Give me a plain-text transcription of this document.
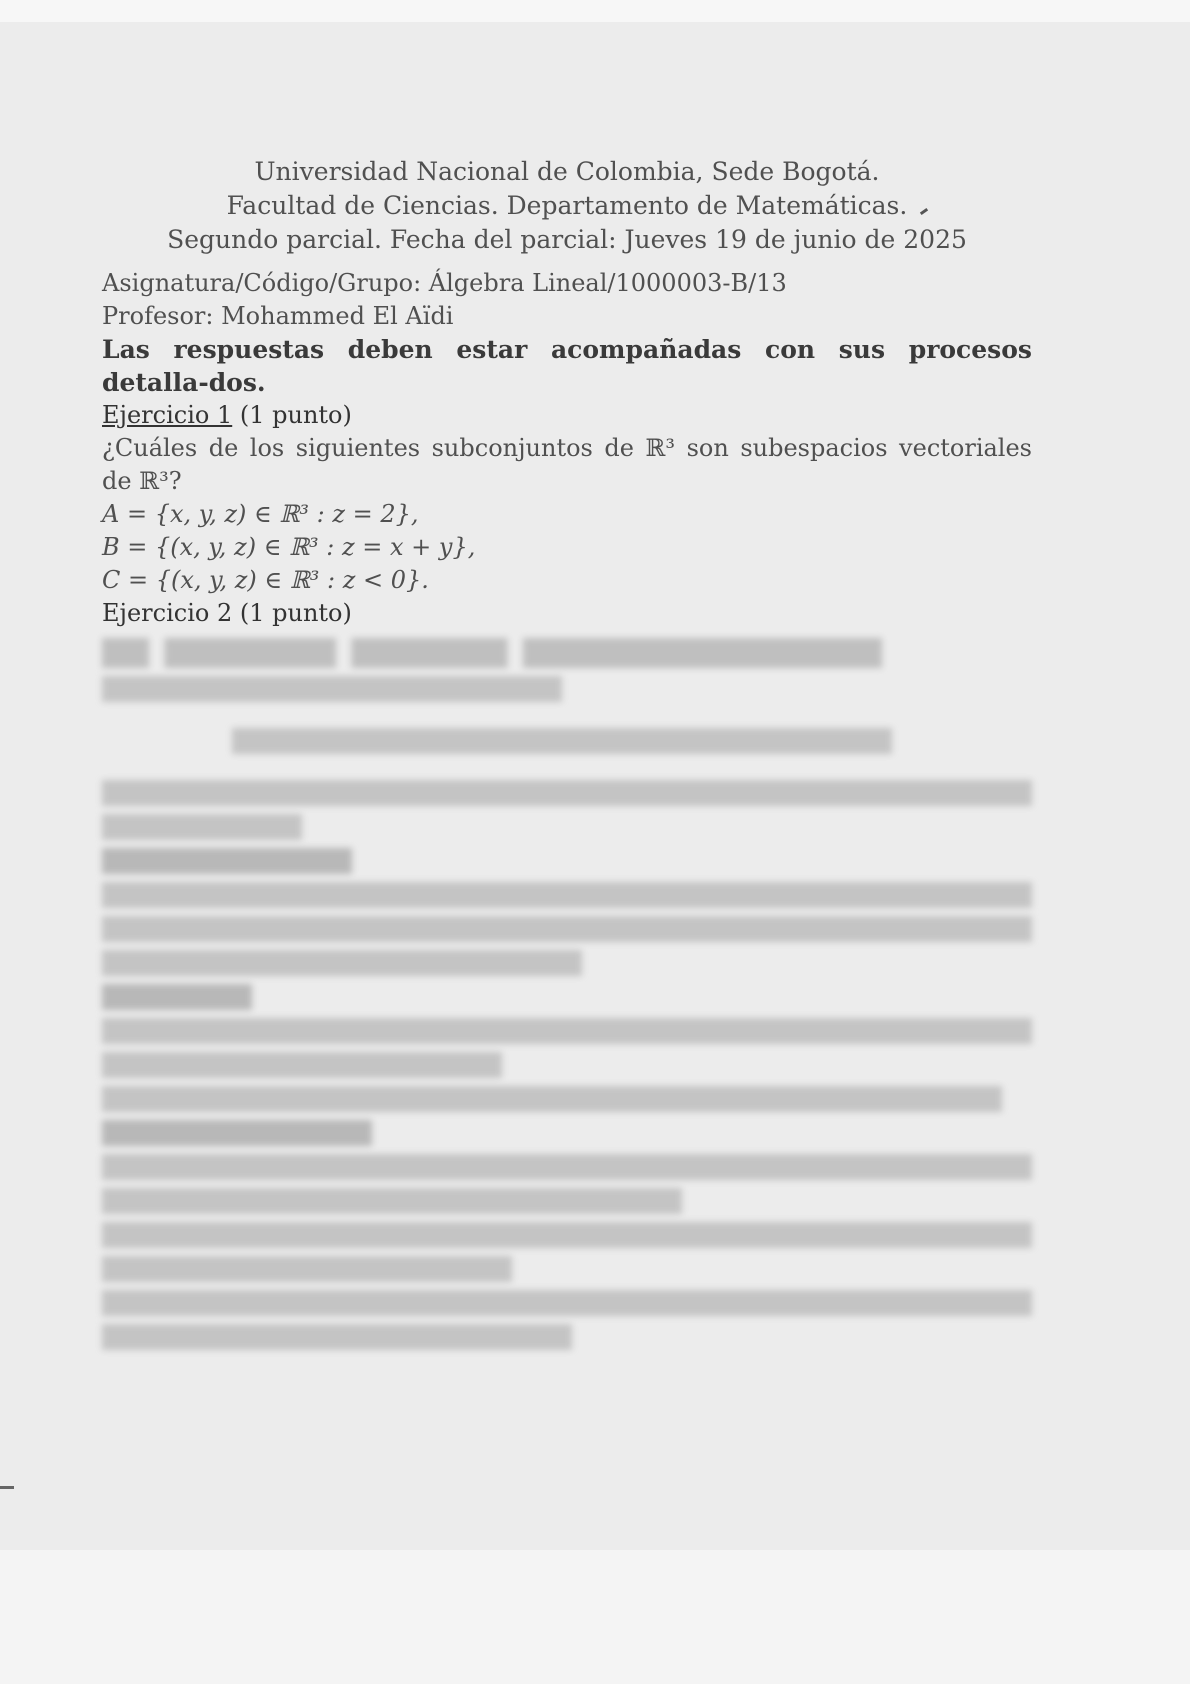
Universidad Nacional de Colombia, Sede Bogotá.
Facultad de Ciencias. Departamento de Matemáticas.
Segundo parcial. Fecha del parcial: Jueves 19 de junio de 2025
Asignatura/Código/Grupo: Álgebra Lineal/1000003-B/13
Profesor: Mohammed El Aïdi
Las respuestas deben estar acompañadas con sus procesos detalla-dos.
Ejercicio 1 (1 punto)
¿Cuáles de los siguientes subconjuntos de ℝ³ son subespacios vectoriales de ℝ³?
A = {x, y, z) ∈ ℝ³ : z = 2},
B = {(x, y, z) ∈ ℝ³ : z = x + y},
C = {(x, y, z) ∈ ℝ³ : z < 0}.
Ejercicio 2 (1 punto)
